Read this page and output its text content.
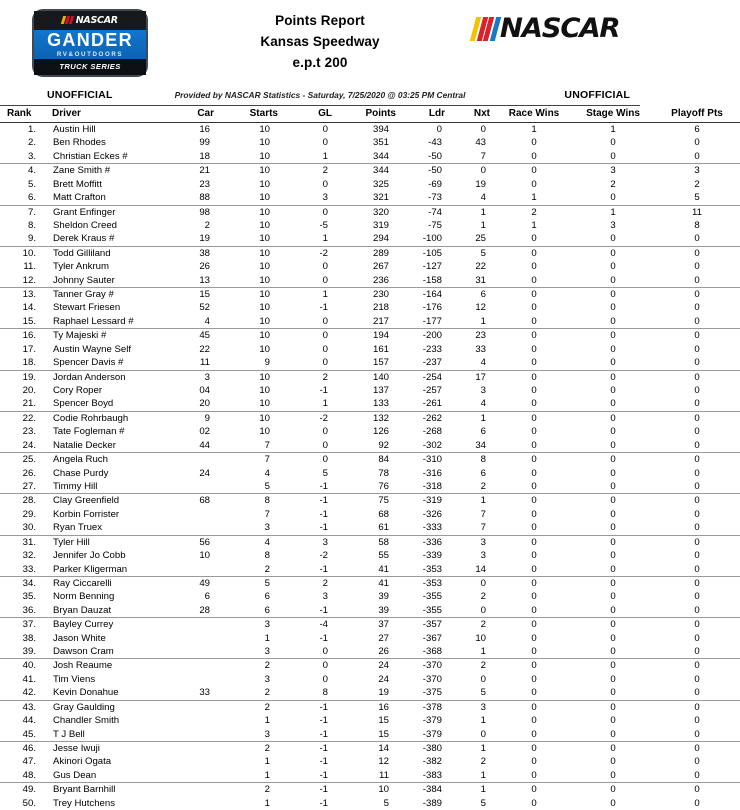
NASCAR
GANDER
RV&OUTDOORS
TRUCK SERIES
Points Report
Kansas Speedway
e.p.t 200
NASCAR
UNOFFICIAL	Provided by NASCAR Statistics - Saturday, 7/25/2020 @ 03:25 PM Central	UNOFFICIAL
Rank	Driver	Car	Starts	GL	Points	Ldr	Nxt	Race Wins	Stage Wins	Playoff Pts
1.	Austin Hill	16	10	0	394	0	0	1	1	6
2.	Ben Rhodes	99	10	0	351	-43	43	0	0	0
3.	Christian Eckes #	18	10	1	344	-50	7	0	0	0
4.	Zane Smith #	21	10	2	344	-50	0	0	3	3
5.	Brett Moffitt	23	10	0	325	-69	19	0	2	2
6.	Matt Crafton	88	10	3	321	-73	4	1	0	5
7.	Grant Enfinger	98	10	0	320	-74	1	2	1	11
8.	Sheldon Creed	2	10	-5	319	-75	1	1	3	8
9.	Derek Kraus #	19	10	1	294	-100	25	0	0	0
10.	Todd Gilliland	38	10	-2	289	-105	5	0	0	0
11.	Tyler Ankrum	26	10	0	267	-127	22	0	0	0
12.	Johnny Sauter	13	10	0	236	-158	31	0	0	0
13.	Tanner Gray #	15	10	1	230	-164	6	0	0	0
14.	Stewart Friesen	52	10	-1	218	-176	12	0	0	0
15.	Raphael Lessard #	4	10	0	217	-177	1	0	0	0
16.	Ty Majeski #	45	10	0	194	-200	23	0	0	0
17.	Austin Wayne Self	22	10	0	161	-233	33	0	0	0
18.	Spencer Davis #	11	9	0	157	-237	4	0	0	0
19.	Jordan Anderson	3	10	2	140	-254	17	0	0	0
20.	Cory Roper	04	10	-1	137	-257	3	0	0	0
21.	Spencer Boyd	20	10	1	133	-261	4	0	0	0
22.	Codie Rohrbaugh	9	10	-2	132	-262	1	0	0	0
23.	Tate Fogleman #	02	10	0	126	-268	6	0	0	0
24.	Natalie Decker	44	7	0	92	-302	34	0	0	0
25.	Angela Ruch		7	0	84	-310	8	0	0	0
26.	Chase Purdy	24	4	5	78	-316	6	0	0	0
27.	Timmy Hill		5	-1	76	-318	2	0	0	0
28.	Clay Greenfield	68	8	-1	75	-319	1	0	0	0
29.	Korbin Forrister		7	-1	68	-326	7	0	0	0
30.	Ryan Truex		3	-1	61	-333	7	0	0	0
31.	Tyler Hill	56	4	3	58	-336	3	0	0	0
32.	Jennifer Jo Cobb	10	8	-2	55	-339	3	0	0	0
33.	Parker Kligerman		2	-1	41	-353	14	0	0	0
34.	Ray Ciccarelli	49	5	2	41	-353	0	0	0	0
35.	Norm Benning	6	6	3	39	-355	2	0	0	0
36.	Bryan Dauzat	28	6	-1	39	-355	0	0	0	0
37.	Bayley Currey		3	-4	37	-357	2	0	0	0
38.	Jason White		1	-1	27	-367	10	0	0	0
39.	Dawson Cram		3	0	26	-368	1	0	0	0
40.	Josh Reaume		2	0	24	-370	2	0	0	0
41.	Tim Viens		3	0	24	-370	0	0	0	0
42.	Kevin Donahue	33	2	8	19	-375	5	0	0	0
43.	Gray Gaulding		2	-1	16	-378	3	0	0	0
44.	Chandler Smith		1	-1	15	-379	1	0	0	0
45.	T J Bell		3	-1	15	-379	0	0	0	0
46.	Jesse Iwuji		2	-1	14	-380	1	0	0	0
47.	Akinori Ogata		1	-1	12	-382	2	0	0	0
48.	Gus Dean		1	-1	11	-383	1	0	0	0
49.	Bryant Barnhill		2	-1	10	-384	1	0	0	0
50.	Trey Hutchens		1	-1	5	-389	5	0	0	0
